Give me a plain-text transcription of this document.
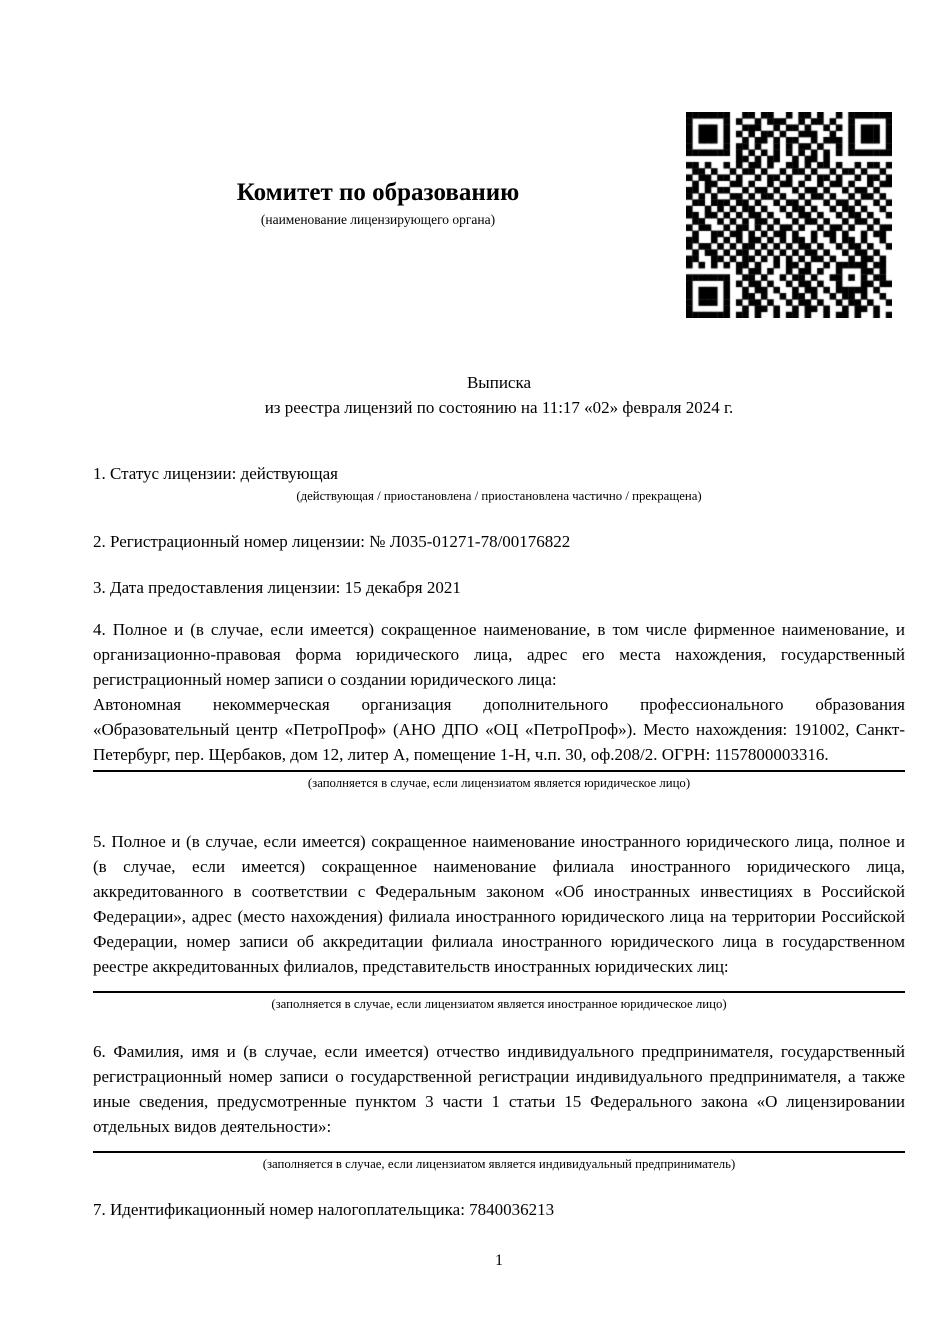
Комитет по образованию
(наименование лицензирующего органа)
Выписка
из реестра лицензий по состоянию на 11:17 «02» февраля 2024 г.

1. Статус лицензии: действующая

(действующая / приостановлена / приостановлена частично / прекращена)

2. Регистрационный номер лицензии: № Л035-01271-78/00176822

3. Дата предоставления лицензии: 15 декабря 2021

4. Полное и (в случае, если имеется) сокращенное наименование, в том числе фирменное наименование, и организационно-правовая форма юридического лица, адрес его места нахождения, государственный регистрационный номер записи о создании юридического лица:

Автономная некоммерческая организация дополнительного профессионального образования «Образовательный центр «ПетроПроф» (АНО ДПО «ОЦ «ПетроПроф»). Место нахождения: 191002, Санкт-Петербург, пер. Щербаков, дом 12, литер А, помещение 1-Н, ч.п. 30, оф.208/2. ОГРН: 1157800003316.

(заполняется в случае, если лицензиатом является юридическое лицо)

5. Полное и (в случае, если имеется) сокращенное наименование иностранного юридического лица, полное и (в случае, если имеется) сокращенное наименование филиала иностранного юридического лица, аккредитованного в соответствии с Федеральным законом «Об иностранных инвестициях в Российской Федерации», адрес (место нахождения) филиала иностранного юридического лица на территории Российской Федерации, номер записи об аккредитации филиала иностранного юридического лица в государственном реестре аккредитованных филиалов, представительств иностранных юридических лиц:

(заполняется в случае, если лицензиатом является иностранное юридическое лицо)

6. Фамилия, имя и (в случае, если имеется) отчество индивидуального предпринимателя, государственный регистрационный номер записи о государственной регистрации индивидуального предпринимателя, а также иные сведения, предусмотренные пунктом 3 части 1 статьи 15 Федерального закона «О лицензировании отдельных видов деятельности»:

(заполняется в случае, если лицензиатом является индивидуальный предприниматель)

7. Идентификационный номер налогоплательщика: 7840036213

1
